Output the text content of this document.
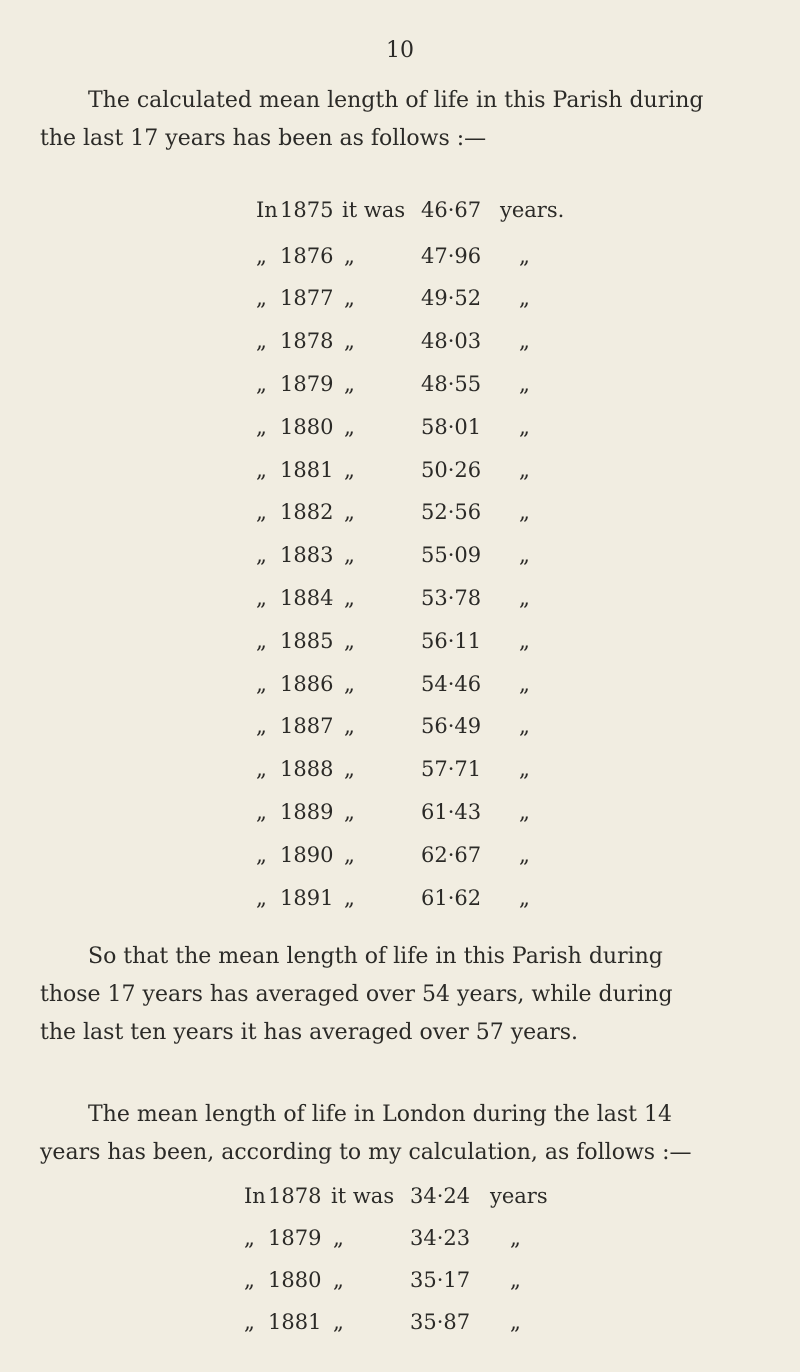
10
The calculated mean length of life in this Parish during
the last 17 years has been as follows :—
In 1875 it was 46·67 years.
„ 1876 „	47·96 „
„ 1877 „	49·52 „
„ 1878 „	48·03 „
„ 1879 „	48·55 „
„ 1880 „	58·01 „
„ 1881 „	50·26 „
„ 1882 „	52·56 „
„ 1883 „	55·09 „
„ 1884 „	53·78 „
„ 1885 „	56·11 „
„ 1886 „	54·46 „
„ 1887 „	56·49 „
„ 1888 „	57·71 „
„ 1889 „	61·43 „
„ 1890 „	62·67 „
„ 1891 „	61·62 „
So that the mean length of life in this Parish during
those 17 years has averaged over 54 years, while during
the last ten years it has averaged over 57 years.
The mean length of life in London during the last 14
years has been, according to my calculation, as follows :—
In 1878 it was 34·24 years
„ 1879 „	34·23 „
„ 1880 „	35·17 „
„ 1881 „	35·87 „
